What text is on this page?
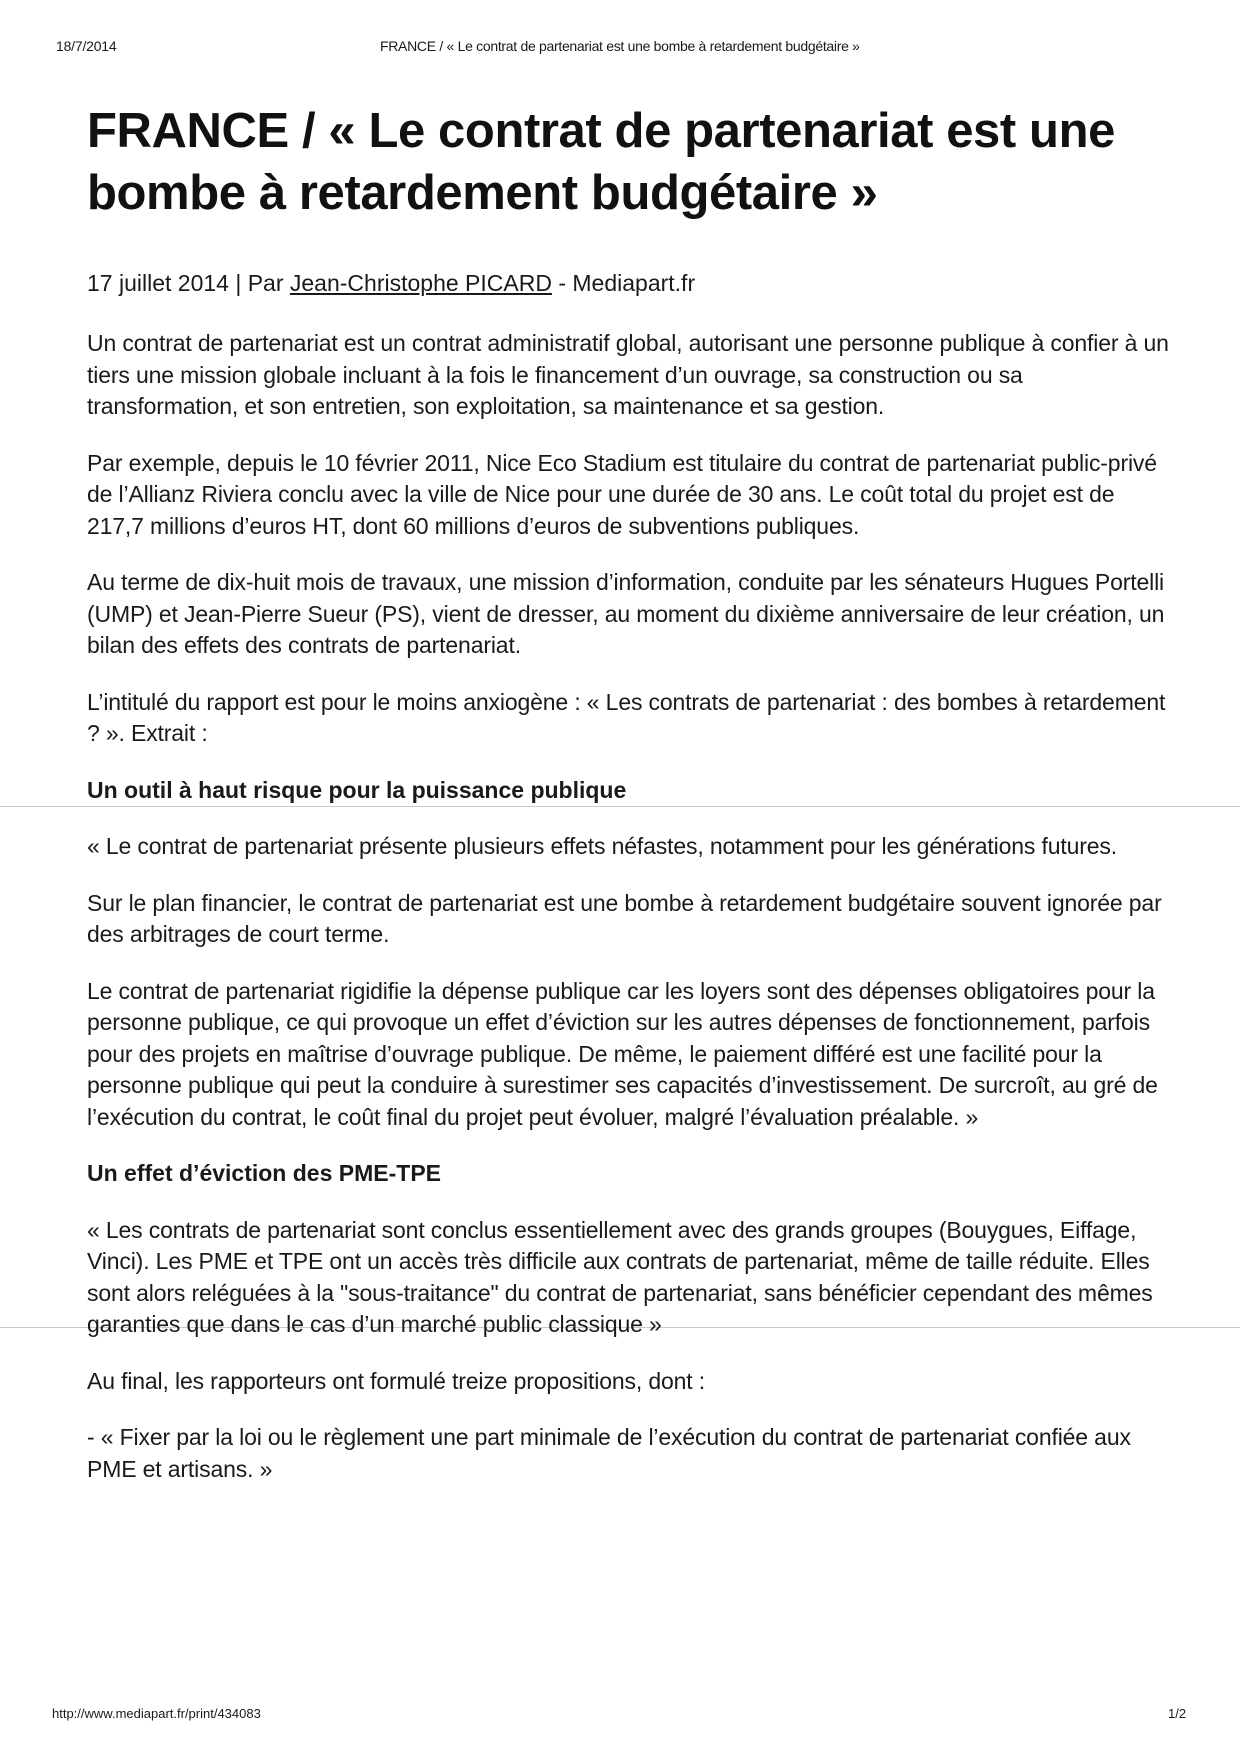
18/7/2014	FRANCE / « Le contrat de partenariat est une bombe à retardement budgétaire »
FRANCE / « Le contrat de partenariat est une bombe à retardement budgétaire »

17 juillet 2014 | Par Jean-Christophe PICARD - Mediapart.fr

Un contrat de partenariat est un contrat administratif global, autorisant une personne publique à confier à un tiers une mission globale incluant à la fois le financement d’un ouvrage, sa construction ou sa transformation, et son entretien, son exploitation, sa maintenance et sa gestion.

Par exemple, depuis le 10 février 2011, Nice Eco Stadium est titulaire du contrat de partenariat public-privé de l’Allianz Riviera conclu avec la ville de Nice pour une durée de 30 ans. Le coût total du projet est de 217,7 millions d’euros HT, dont 60 millions d’euros de subventions publiques.

Au terme de dix-huit mois de travaux, une mission d’information, conduite par les sénateurs Hugues Portelli (UMP) et Jean-Pierre Sueur (PS), vient de dresser, au moment du dixième anniversaire de leur création, un bilan des effets des contrats de partenariat.

L’intitulé du rapport est pour le moins anxiogène : « Les contrats de partenariat : des bombes à retardement ? ». Extrait :

Un outil à haut risque pour la puissance publique

« Le contrat de partenariat présente plusieurs effets néfastes, notamment pour les générations futures.

Sur le plan financier, le contrat de partenariat est une bombe à retardement budgétaire souvent ignorée par des arbitrages de court terme.

Le contrat de partenariat rigidifie la dépense publique car les loyers sont des dépenses obligatoires pour la personne publique, ce qui provoque un effet d’éviction sur les autres dépenses de fonctionnement, parfois pour des projets en maîtrise d’ouvrage publique. De même, le paiement différé est une facilité pour la personne publique qui peut la conduire à surestimer ses capacités d’investissement. De surcroît, au gré de l’exécution du contrat, le coût final du projet peut évoluer, malgré l’évaluation préalable. »

Un effet d’éviction des PME-TPE

« Les contrats de partenariat sont conclus essentiellement avec des grands groupes (Bouygues, Eiffage, Vinci). Les PME et TPE ont un accès très difficile aux contrats de partenariat, même de taille réduite. Elles sont alors reléguées à la "sous-traitance" du contrat de partenariat, sans bénéficier cependant des mêmes garanties que dans le cas d’un marché public classique »

Au final, les rapporteurs ont formulé treize propositions, dont :

- « Fixer par la loi ou le règlement une part minimale de l’exécution du contrat de partenariat confiée aux PME et artisans. »

http://www.mediapart.fr/print/434083	1/2
